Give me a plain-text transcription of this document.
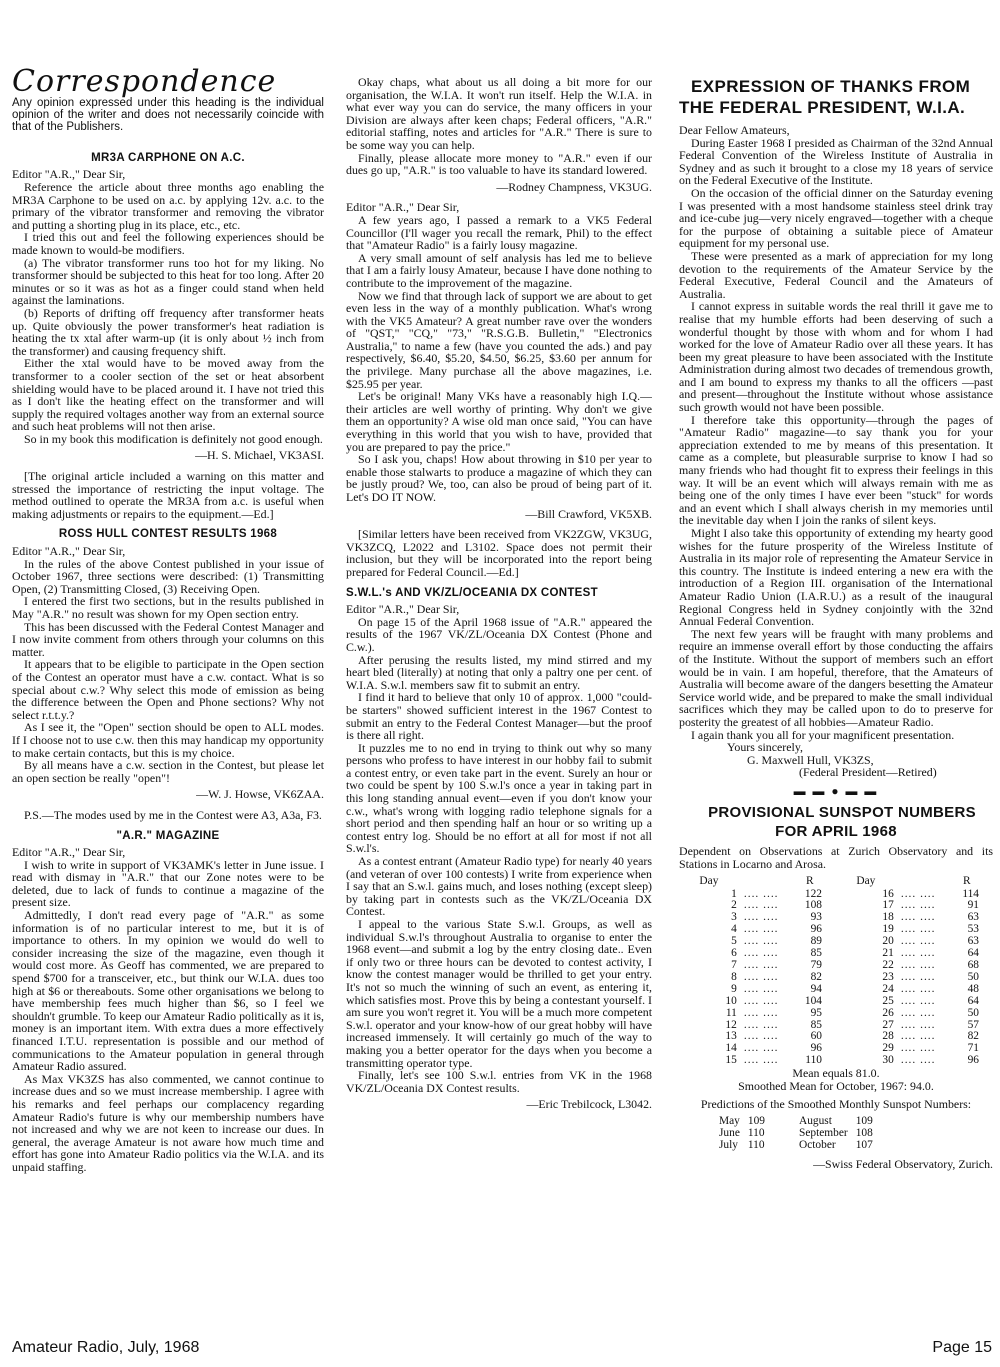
Correspondence

Any opinion expressed under this heading is the individual opinion of the writer and does not necessarily coincide with that of the Publishers.

MR3A CARPHONE ON A.C.

Editor "A.R.," Dear Sir,

Reference the article about three months ago enabling the MR3A Carphone to be used on a.c. by applying 12v. a.c. to the primary of the vibrator transformer and removing the vibrator and putting a shorting plug in its place, etc., etc.

I tried this out and feel the following experiences should be made known to would-be modifiers.

(a) The vibrator transformer runs too hot for my liking. No transformer should be subjected to this heat for too long. After 20 minutes or so it was as hot as a finger could stand when held against the laminations.

(b) Reports of drifting off frequency after transformer heats up. Quite obviously the power transformer's heat radiation is heating the tx xtal after warm-up (it is only about ½ inch from the transformer) and causing frequency shift.

Either the xtal would have to be moved away from the transformer to a cooler section of the set or heat absorbent shielding would have to be placed around it. I have not tried this as I don't like the heating effect on the transformer and will supply the required voltages another way from an external source and such heat problems will not then arise.

So in my book this modification is definitely not good enough.

—H. S. Michael, VK3ASI.

[The original article included a warning on this matter and stressed the importance of restricting the input voltage. The method outlined to operate the MR3A from a.c. is useful when making adjustments or repairs to the equipment.—Ed.]

ROSS HULL CONTEST RESULTS 1968

Editor "A.R.," Dear Sir,

In the rules of the above Contest published in your issue of October 1967, three sections were described: (1) Transmitting Open, (2) Transmitting Closed, (3) Receiving Open.

I entered the first two sections, but in the results published in May "A.R." no result was shown for my Open section entry.

This has been discussed with the Federal Contest Manager and I now invite comment from others through your columns on this matter.

It appears that to be eligible to participate in the Open section of the Contest an operator must have a c.w. contact. What is so special about c.w.? Why select this mode of emission as being the difference between the Open and Phone sections? Why not select r.t.t.y.?

As I see it, the "Open" section should be open to ALL modes. If I choose not to use c.w. then this may handicap my opportunity to make certain contacts, but this is my choice.

By all means have a c.w. section in the Contest, but please let an open section be really "open"!

—W. J. Howse, VK6ZAA.

P.S.—The modes used by me in the Contest were A3, A3a, F3.

"A.R." MAGAZINE

Editor "A.R.," Dear Sir,

I wish to write in support of VK3AMK's letter in June issue. I read with dismay in "A.R." that our Zone notes were to be deleted, due to lack of funds to continue a magazine of the present size.

Admittedly, I don't read every page of "A.R." as some information is of no particular interest to me, but it is of importance to others. In my opinion we would do well to consider increasing the size of the magazine, even though it would cost more. As Geoff has commented, we are prepared to spend $700 for a transceiver, etc., but think our W.I.A. dues too high at $6 or thereabouts. Some other organisations we belong to have membership fees much higher than $6, so I feel we shouldn't grumble. To keep our Amateur Radio politically as it is, money is an important item. With extra dues a more effectively financed I.T.U. representation is possible and our method of communications to the Amateur population in general through Amateur Radio assured.

As Max VK3ZS has also commented, we cannot continue to increase dues and so we must increase membership. I agree with his remarks and feel perhaps our complacency regarding Amateur Radio's future is why our membership numbers have not increased and why we are not keen to increase our dues. In general, the average Amateur is not aware how much time and effort has gone into Amateur Radio politics via the W.I.A. and its unpaid staffing.

Okay chaps, what about us all doing a bit more for our organisation, the W.I.A. It won't run itself. Help the W.I.A. in what ever way you can do service, the many officers in your Division are always after keen chaps; Federal officers, "A.R." editorial staffing, notes and articles for "A.R." There is sure to be some way you can help.

Finally, please allocate more money to "A.R." even if our dues go up, "A.R." is too valuable to have its standard lowered.

—Rodney Champness, VK3UG.

Editor "A.R.," Dear Sir,

A few years ago, I passed a remark to a VK5 Federal Councillor (I'll wager you recall the remark, Phil) to the effect that "Amateur Radio" is a fairly lousy magazine.

A very small amount of self analysis has led me to believe that I am a fairly lousy Amateur, because I have done nothing to contribute to the improvement of the magazine.

Now we find that through lack of support we are about to get even less in the way of a monthly publication. What's wrong with the VK5 Amateur? A great number rave over the wonders of "QST," "CQ," "73," "R.S.G.B. Bulletin," "Electronics Australia," to name a few (have you counted the ads.) and pay respectively, $6.40, $5.20, $4.50, $6.25, $3.60 per annum for the privilege. Many purchase all the above magazines, i.e. $25.95 per year.

Let's be original! Many VKs have a reasonably high I.Q.—their articles are well worthy of printing. Why don't we give them an opportunity? A wise old man once said, "You can have everything in this world that you wish to have, provided that you are prepared to pay the price."

So I ask you, chaps! How about throwing in $10 per year to enable those stalwarts to produce a magazine of which they can be justly proud? We, too, can also be proud of being part of it. Let's DO IT NOW.

—Bill Crawford, VK5XB.

[Similar letters have been received from VK2ZGW, VK3UG, VK3ZCQ, L2022 and L3102. Space does not permit their inclusion, but they will be incorporated into the report being prepared for Federal Council.—Ed.]

S.W.L.'s AND VK/ZL/OCEANIA DX CONTEST

Editor "A.R.," Dear Sir,

On page 15 of the April 1968 issue of "A.R." appeared the results of the 1967 VK/ZL/Oceania DX Contest (Phone and C.w.).

After perusing the results listed, my mind stirred and my heart bled (literally) at noting that only a paltry one per cent. of W.I.A. S.w.l. members saw fit to submit an entry.

I find it hard to believe that only 10 of approx. 1,000 "could-be starters" showed sufficient interest in the 1967 Contest to submit an entry to the Federal Contest Manager—but the proof is there all right.

It puzzles me to no end in trying to think out why so many persons who profess to have interest in our hobby fail to submit a contest entry, or even take part in the event. Surely an hour or two could be spent by 100 S.w.l's once a year in taking part in this long standing annual event—even if you don't know your c.w., what's wrong with logging radio telephone signals for a short period and then spending half an hour or so writing up a contest entry log. Should be no effort at all for most if not all S.w.l's.

As a contest entrant (Amateur Radio type) for nearly 40 years (and veteran of over 100 contests) I write from experience when I say that an S.w.l. gains much, and loses nothing (except sleep) by taking part in contests such as the VK/ZL/Oceania DX Contest.

I appeal to the various State S.w.l. Groups, as well as individual S.w.l's throughout Australia to organise to enter the 1968 event—and submit a log by the entry closing date.. Even if only two or three hours can be devoted to contest activity, I know the contest manager would be thrilled to get your entry. It's not so much the winning of such an event, as entering it, which satisfies most. Prove this by being a contestant yourself. I am sure you won't regret it. You will be a much more competent S.w.l. operator and your know-how of our great hobby will have increased immensely. It will certainly go much of the way to making you a better operator for the days when you become a transmitting operator type.

Finally, let's see 100 S.w.l. entries from VK in the 1968 VK/ZL/Oceania DX Contest results.

—Eric Trebilcock, L3042.

EXPRESSION OF THANKS FROM THE FEDERAL PRESIDENT, W.I.A.

Dear Fellow Amateurs,

During Easter 1968 I presided as Chairman of the 32nd Annual Federal Convention of the Wireless Institute of Australia in Sydney and as such it brought to a close my 18 years of service on the Federal Executive of the Institute.

On the occasion of the official dinner on the Saturday evening I was presented with a most handsome stainless steel drink tray and ice-cube jug—very nicely engraved—together with a cheque for the purpose of obtaining a suitable piece of Amateur equipment for my personal use.

These were presented as a mark of appreciation for my long devotion to the requirements of the Amateur Service by the Federal Executive, Federal Council and the Amateurs of Australia.

I cannot express in suitable words the real thrill it gave me to realise that my humble efforts had been deserving of such a wonderful thought by those with whom and for whom I had worked for the love of Amateur Radio over all these years. It has been my great pleasure to have been associated with the Institute Administration during almost two decades of tremendous growth, and I am bound to express my thanks to all the officers —past and present—throughout the Institute without whose assistance such growth would not have been possible.

I therefore take this opportunity—through the pages of "Amateur Radio" magazine—to say thank you for your appreciation extended to me by means of this presentation. It came as a complete, but pleasurable surprise to know I had so many friends who had thought fit to express their feelings in this way. It will be an event which will always remain with me as being one of the only times I have ever been "stuck" for words and an event which I shall always cherish in my memories until the inevitable day when I join the ranks of silent keys.

Might I also take this opportunity of extending my hearty good wishes for the future prosperity of the Wireless Institute of Australia in its major role of representing the Amateur Service in this country. The Institute is indeed entering a new era with the introduction of a Region III. organisation of the International Amateur Radio Union (I.A.R.U.) as a result of the inaugural Regional Congress held in Sydney conjointly with the 32nd Annual Federal Convention.

The next few years will be fraught with many problems and require an immense overall effort by those conducting the affairs of the Institute. Without the support of members such an effort would be in vain. I am hopeful, therefore, that the Amateurs of Australia will become aware of the dangers besetting the Amateur Service world wide, and be prepared to make the small individual sacrifices which they may be called upon to do to preserve for posterity the greatest of all hobbies—Amateur Radio.

I again thank you all for your magnificent presentation.

Yours sincerely,
G. Maxwell Hull, VK3ZS,
(Federal President—Retired)

▬ ▬ ● ▬ ▬

PROVISIONAL SUNSPOT NUMBERS FOR APRIL 1968

Dependent on Observations at Zurich Observatory and its Stations in Locarno and Arosa.

Day		R	Day		R
1	.... ....	122	16	.... ....	114
2	.... ....	108	17	.... ....	91
3	.... ....	93	18	.... ....	63
4	.... ....	96	19	.... ....	53
5	.... ....	89	20	.... ....	63
6	.... ....	85	21	.... ....	64
7	.... ....	79	22	.... ....	68
8	.... ....	82	23	.... ....	50
9	.... ....	94	24	.... ....	48
10	.... ....	104	25	.... ....	64
11	.... ....	95	26	.... ....	50
12	.... ....	85	27	.... ....	57
13	.... ....	60	28	.... ....	82
14	.... ....	96	29	.... ....	71
15	.... ....	110	30	.... ....	96

Mean equals 81.0.

Smoothed Mean for October, 1967: 94.0.

Predictions of the Smoothed Monthly Sunspot Numbers:

May	109	August	109
June	110	September	108
July	110	October	107

—Swiss Federal Observatory, Zurich.

Amateur Radio, July, 1968	Page 15
